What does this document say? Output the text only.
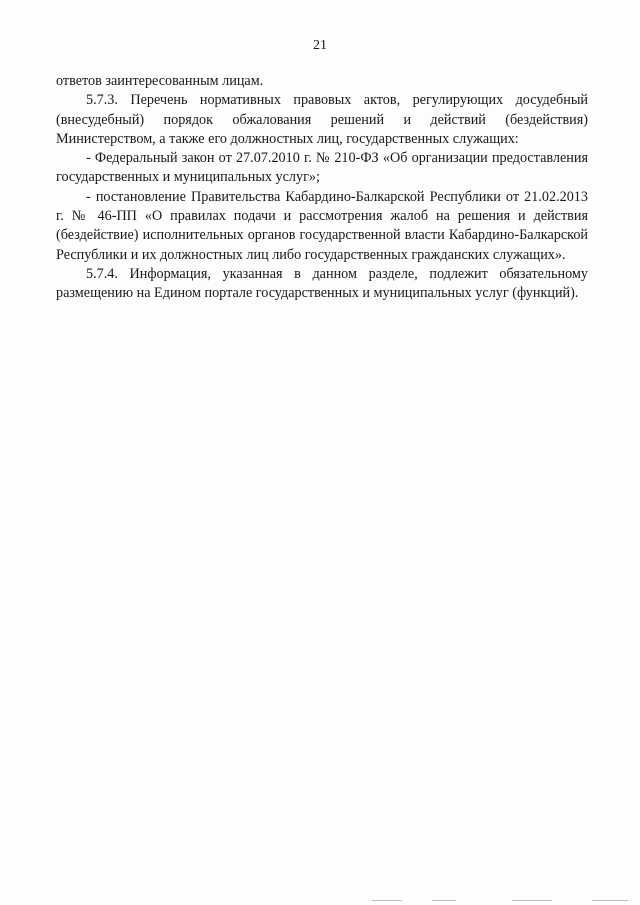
21

ответов заинтересованным лицам.

5.7.3. Перечень нормативных правовых актов, регулирующих досудебный (внесудебный) порядок обжалования решений и действий (бездействия) Министерством, а также его должностных лиц, государственных служащих:

- Федеральный закон от 27.07.2010 г. № 210-ФЗ «Об организации предоставления государственных и муниципальных услуг»;

- постановление Правительства Кабардино-Балкарской Республики от 21.02.2013 г. № 46-ПП «О правилах подачи и рассмотрения жалоб на решения и действия (бездействие) исполнительных органов государственной власти Кабардино-Балкарской Республики и их должностных лиц либо государственных гражданских служащих».

5.7.4. Информация, указанная в данном разделе, подлежит обязательному размещению на Едином портале государственных и муниципальных услуг (функций).
